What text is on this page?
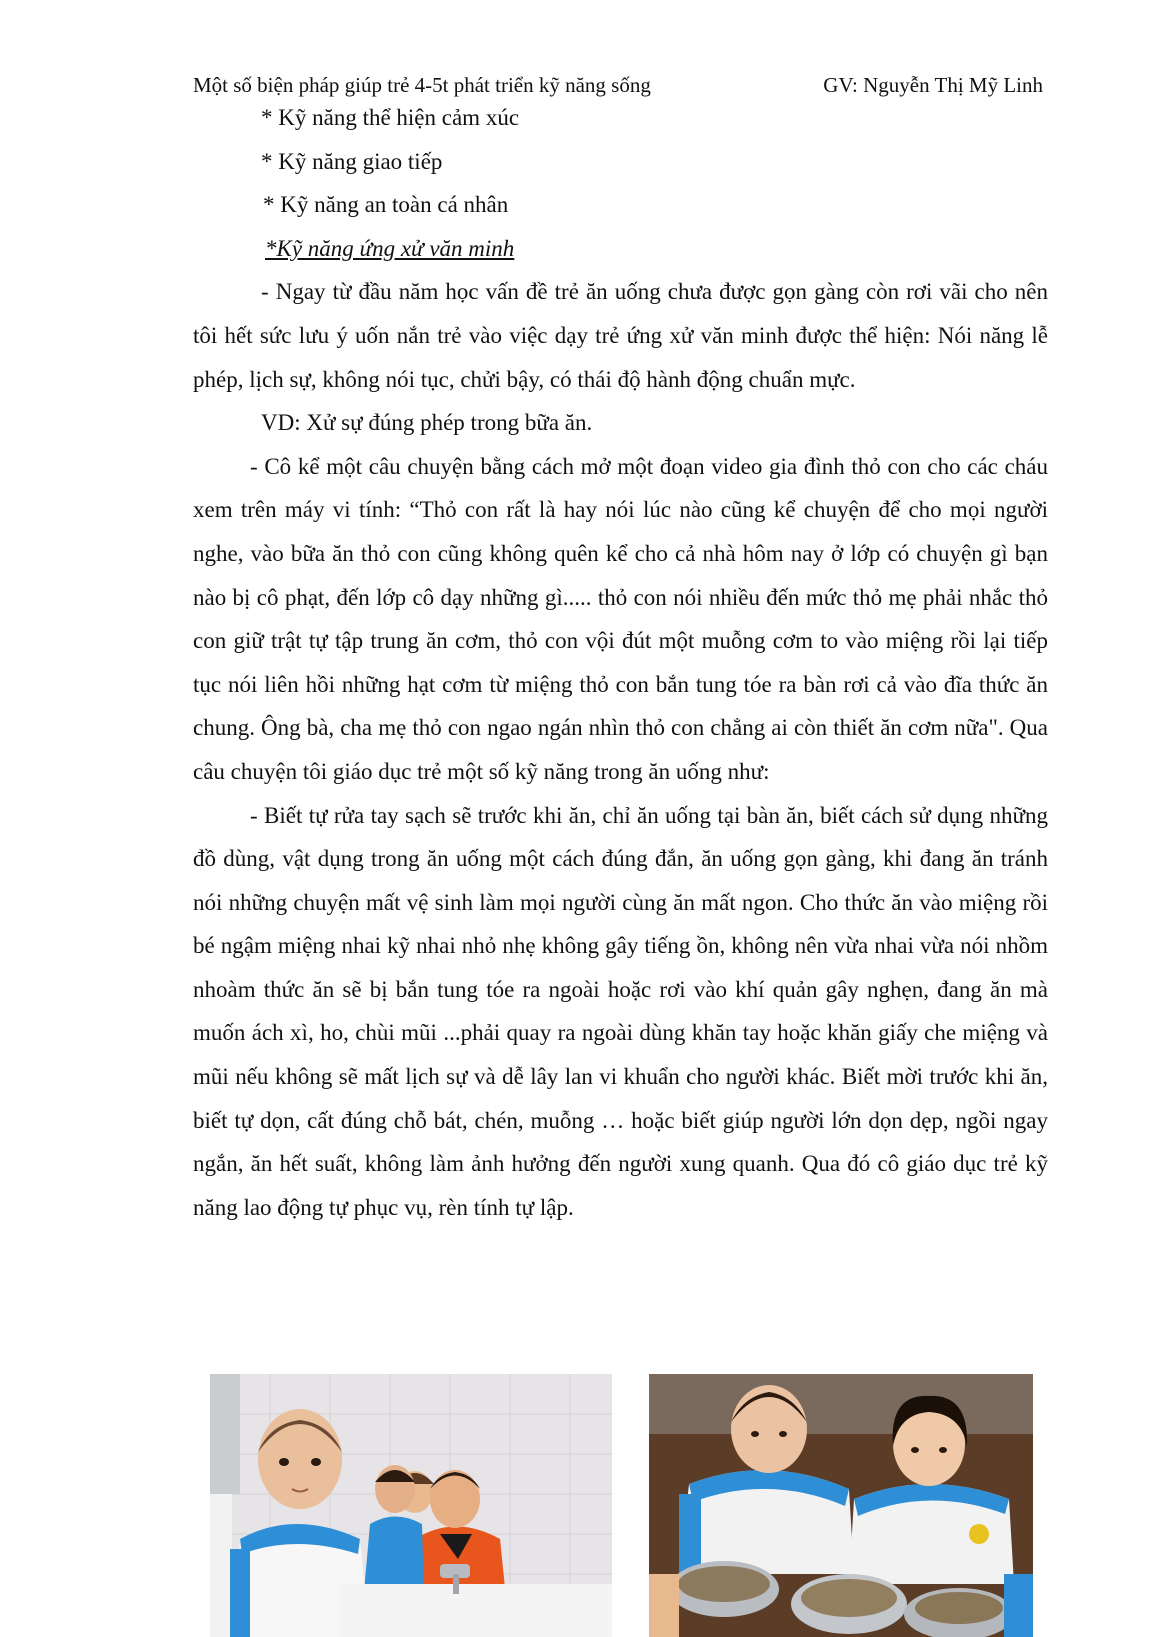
Một số biện pháp giúp trẻ 4-5t phát triển kỹ năng sống	GV: Nguyễn Thị Mỹ Linh

* Kỹ năng thể hiện cảm xúc

* Kỹ năng giao tiếp

* Kỹ năng an toàn cá nhân

*Kỹ năng ứng xử văn minh

- Ngay từ đầu năm học vấn đề trẻ ăn uống chưa được gọn gàng còn rơi vãi cho nên tôi hết sức lưu ý uốn nắn trẻ vào việc dạy trẻ ứng xử văn minh được thể hiện: Nói năng lễ phép, lịch sự, không nói tục, chửi bậy, có thái độ hành động chuẩn mực.

VD: Xử sự đúng phép trong bữa ăn.

- Cô kể một câu chuyện bằng cách mở một đoạn video gia đình thỏ con cho các cháu xem trên máy vi tính: “Thỏ con rất là hay nói lúc nào cũng kể chuyện để cho mọi người nghe, vào bữa ăn thỏ con cũng không quên kể cho cả nhà hôm nay ở lớp có chuyện gì bạn nào bị cô phạt, đến lớp cô dạy những gì..... thỏ con nói nhiều đến mức thỏ mẹ phải nhắc thỏ con giữ trật tự tập trung ăn cơm, thỏ con vội đút một muỗng cơm to vào miệng rồi lại tiếp tục nói liên hồi những hạt cơm từ miệng thỏ con bắn tung tóe ra bàn rơi cả vào đĩa thức ăn chung. Ông bà, cha mẹ thỏ con ngao ngán nhìn thỏ con chẳng ai còn thiết ăn cơm nữa". Qua câu chuyện tôi giáo dục trẻ một số kỹ năng trong ăn uống như:

- Biết tự rửa tay sạch sẽ trước khi ăn, chỉ ăn uống tại bàn ăn, biết cách sử dụng những đồ dùng, vật dụng trong ăn uống một cách đúng đắn, ăn uống gọn gàng, khi đang ăn tránh nói những chuyện mất vệ sinh làm mọi người cùng ăn mất ngon. Cho thức ăn vào miệng rồi bé ngậm miệng nhai kỹ nhai nhỏ nhẹ không gây tiếng ồn, không nên vừa nhai vừa nói nhồm nhoàm thức ăn sẽ bị bắn tung tóe ra ngoài hoặc rơi vào khí quản gây nghẹn, đang ăn mà muốn ách xì, ho, chùi mũi ...phải quay ra ngoài dùng khăn tay hoặc khăn giấy che miệng và mũi nếu không sẽ mất lịch sự và dễ lây lan vi khuẩn cho người khác. Biết mời trước khi ăn, biết tự dọn, cất đúng chỗ bát, chén, muỗng … hoặc biết giúp người lớn dọn dẹp, ngồi ngay ngắn, ăn hết suất, không làm ảnh hưởng đến người xung quanh. Qua đó cô giáo dục trẻ kỹ năng lao động tự phục vụ, rèn tính tự lập.
